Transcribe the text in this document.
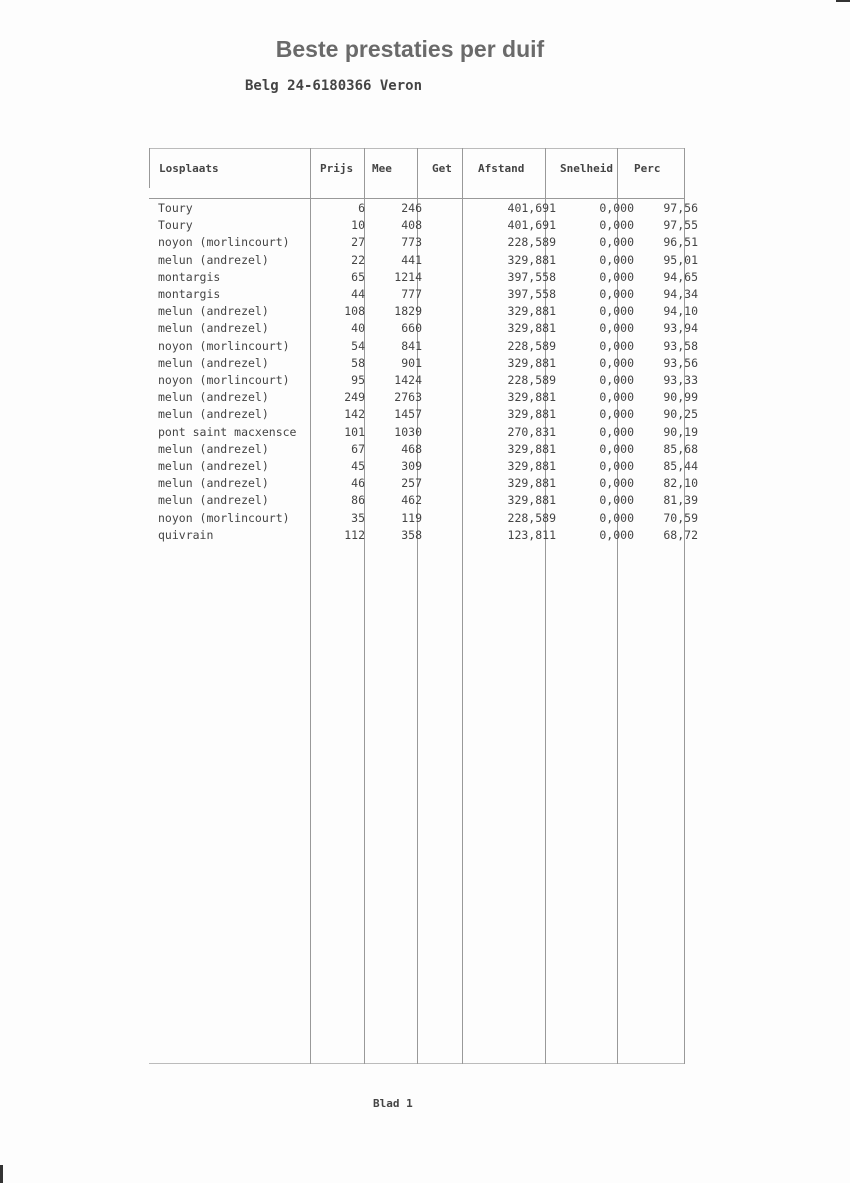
Beste prestaties per duif
Belg 24-6180366 Veron
Losplaats	Prijs Mee	Get Afstand	Snelheid Perc
Toury	6	246		401,691	0,000	97,56
Toury	10	408		401,691	0,000	97,55
noyon (morlincourt)	27	773		228,589	0,000	96,51
melun (andrezel)	22	441		329,881	0,000	95,01
montargis	65	1214		397,558	0,000	94,65
montargis	44	777		397,558	0,000	94,34
melun (andrezel)	108	1829		329,881	0,000	94,10
melun (andrezel)	40	660		329,881	0,000	93,94
noyon (morlincourt)	54	841		228,589	0,000	93,58
melun (andrezel)	58	901		329,881	0,000	93,56
noyon (morlincourt)	95	1424		228,589	0,000	93,33
melun (andrezel)	249	2763		329,881	0,000	90,99
melun (andrezel)	142	1457		329,881	0,000	90,25
pont saint macxensce	101	1030		270,831	0,000	90,19
melun (andrezel)	67	468		329,881	0,000	85,68
melun (andrezel)	45	309		329,881	0,000	85,44
melun (andrezel)	46	257		329,881	0,000	82,10
melun (andrezel)	86	462		329,881	0,000	81,39
noyon (morlincourt)	35	119		228,589	0,000	70,59
quivrain	112	358		123,811	0,000	68,72
Blad 1
